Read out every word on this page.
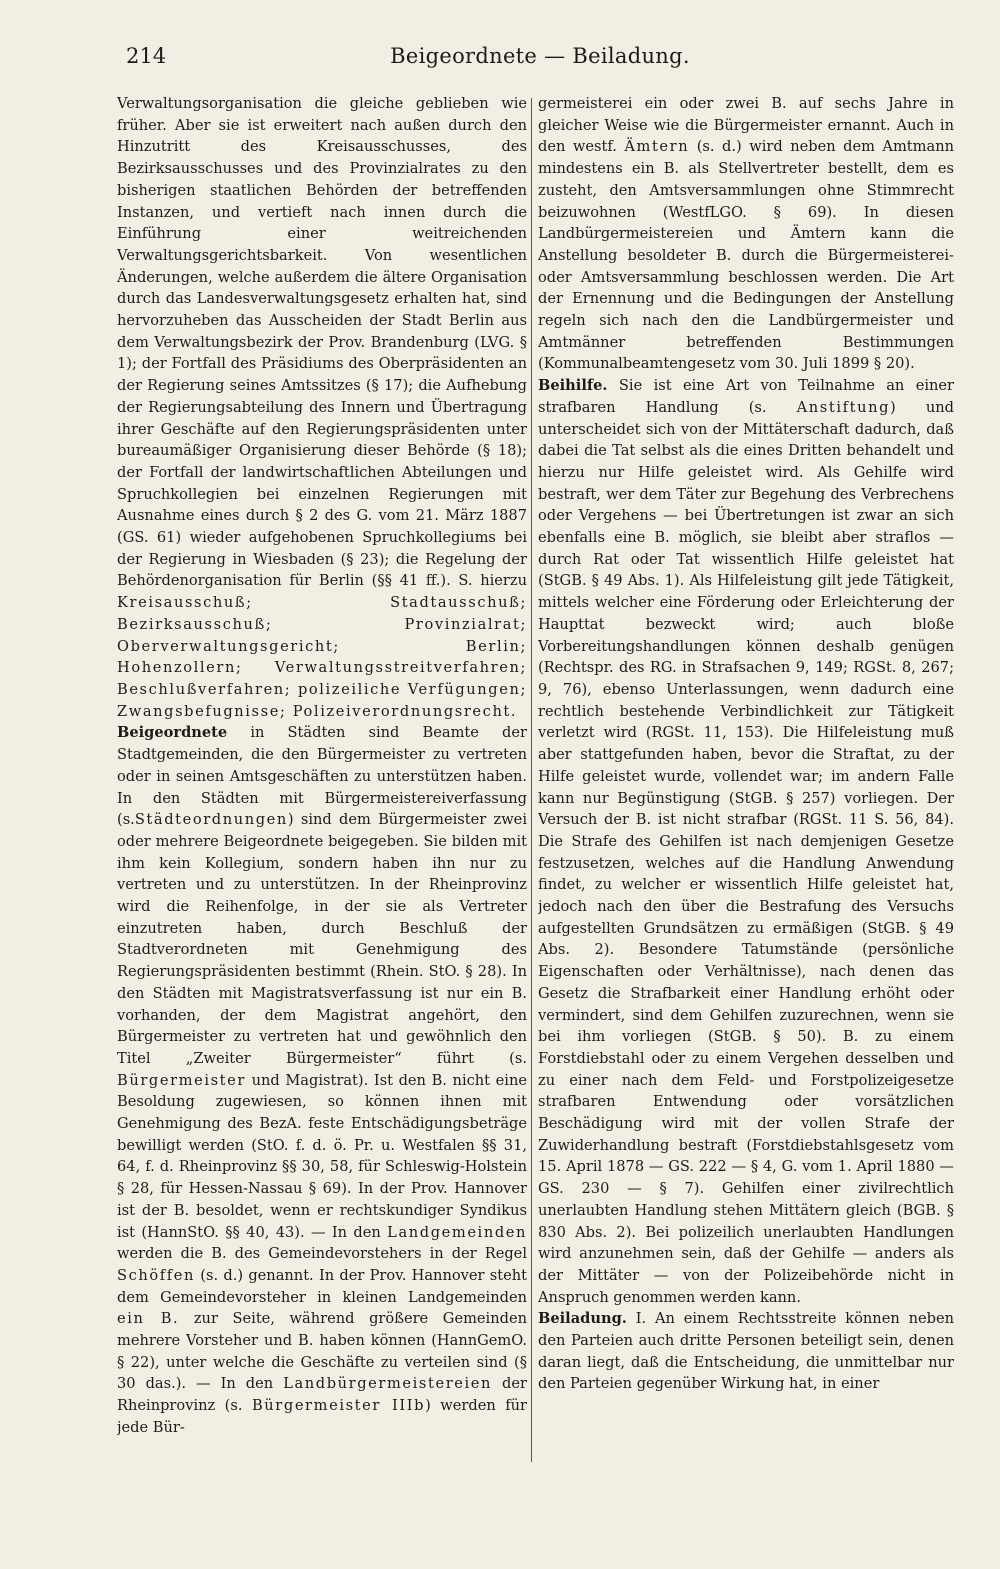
214	Beigeordnete — Beiladung.

Verwaltungsorganisation die gleiche geblieben wie früher. Aber sie ist erweitert nach außen durch den Hinzutritt des Kreisausschusses, des Bezirksausschusses und des Provinzialrates zu den bisherigen staatlichen Behörden der betreffenden Instanzen, und vertieft nach innen durch die Einführung einer weitreichenden Verwaltungsgerichtsbarkeit. Von wesentlichen Änderungen, welche außerdem die ältere Organisation durch das Landesverwaltungsgesetz erhalten hat, sind hervorzuheben das Ausscheiden der Stadt Berlin aus dem Verwaltungsbezirk der Prov. Brandenburg (LVG. § 1); der Fortfall des Präsidiums des Oberpräsidenten an der Regierung seines Amtssitzes (§ 17); die Aufhebung der Regierungsabteilung des Innern und Übertragung ihrer Geschäfte auf den Regierungspräsidenten unter bureaumäßiger Organisierung dieser Behörde (§ 18); der Fortfall der landwirtschaftlichen Abteilungen und Spruchkollegien bei einzelnen Regierungen mit Ausnahme eines durch § 2 des G. vom 21. März 1887 (GS. 61) wieder aufgehobenen Spruchkollegiums bei der Regierung in Wiesbaden (§ 23); die Regelung der Behördenorganisation für Berlin (§§ 41 ff.). S. hierzu Kreisausschuß; Stadtausschuß; Bezirksausschuß; Provinzialrat; Oberverwaltungsgericht; Berlin; Hohenzollern; Verwaltungsstreitverfahren; Beschlußverfahren; polizeiliche Verfügungen; Zwangsbefugnisse; Polizeiverordnungsrecht.

Beigeordnete in Städten sind Beamte der Stadtgemeinden, die den Bürgermeister zu vertreten oder in seinen Amtsgeschäften zu unterstützen haben. In den Städten mit Bürgermeistereiverfassung (s.Städteordnungen) sind dem Bürgermeister zwei oder mehrere Beigeordnete beigegeben. Sie bilden mit ihm kein Kollegium, sondern haben ihn nur zu vertreten und zu unterstützen. In der Rheinprovinz wird die Reihenfolge, in der sie als Vertreter einzutreten haben, durch Beschluß der Stadtverordneten mit Genehmigung des Regierungspräsidenten bestimmt (Rhein. StO. § 28). In den Städten mit Magistratsverfassung ist nur ein B. vorhanden, der dem Magistrat angehört, den Bürgermeister zu vertreten hat und gewöhnlich den Titel „Zweiter Bürgermeister“ führt (s. Bürgermeister und Magistrat). Ist den B. nicht eine Besoldung zugewiesen, so können ihnen mit Genehmigung des BezA. feste Entschädigungsbeträge bewilligt werden (StO. f. d. ö. Pr. u. Westfalen §§ 31, 64, f. d. Rheinprovinz §§ 30, 58, für Schleswig-Holstein § 28, für Hessen-Nassau § 69). In der Prov. Hannover ist der B. besoldet, wenn er rechtskundiger Syndikus ist (HannStO. §§ 40, 43). — In den Landgemeinden werden die B. des Gemeindevorstehers in der Regel Schöffen (s. d.) genannt. In der Prov. Hannover steht dem Gemeindevorsteher in kleinen Landgemeinden ein B. zur Seite, während größere Gemeinden mehrere Vorsteher und B. haben können (HannGemO. § 22), unter welche die Geschäfte zu verteilen sind (§ 30 das.). — In den Landbürgermeistereien der Rheinprovinz (s. Bürgermeister IIIb) werden für jede Bür-

germeisterei ein oder zwei B. auf sechs Jahre in gleicher Weise wie die Bürgermeister ernannt. Auch in den westf. Ämtern (s. d.) wird neben dem Amtmann mindestens ein B. als Stellvertreter bestellt, dem es zusteht, den Amtsversammlungen ohne Stimmrecht beizuwohnen (WestfLGO. § 69). In diesen Landbürgermeistereien und Ämtern kann die Anstellung besoldeter B. durch die Bürgermeisterei- oder Amtsversammlung beschlossen werden. Die Art der Ernennung und die Bedingungen der Anstellung regeln sich nach den die Landbürgermeister und Amtmänner betreffenden Bestimmungen (Kommunalbeamtengesetz vom 30. Juli 1899 § 20).

Beihilfe. Sie ist eine Art von Teilnahme an einer strafbaren Handlung (s. Anstiftung) und unterscheidet sich von der Mittäterschaft dadurch, daß dabei die Tat selbst als die eines Dritten behandelt und hierzu nur Hilfe geleistet wird. Als Gehilfe wird bestraft, wer dem Täter zur Begehung des Verbrechens oder Vergehens — bei Übertretungen ist zwar an sich ebenfalls eine B. möglich, sie bleibt aber straflos — durch Rat oder Tat wissentlich Hilfe geleistet hat (StGB. § 49 Abs. 1). Als Hilfeleistung gilt jede Tätigkeit, mittels welcher eine Förderung oder Erleichterung der Haupttat bezweckt wird; auch bloße Vorbereitungshandlungen können deshalb genügen (Rechtspr. des RG. in Strafsachen 9, 149; RGSt. 8, 267; 9, 76), ebenso Unterlassungen, wenn dadurch eine rechtlich bestehende Verbindlichkeit zur Tätigkeit verletzt wird (RGSt. 11, 153). Die Hilfeleistung muß aber stattgefunden haben, bevor die Straftat, zu der Hilfe geleistet wurde, vollendet war; im andern Falle kann nur Begünstigung (StGB. § 257) vorliegen. Der Versuch der B. ist nicht strafbar (RGSt. 11 S. 56, 84). Die Strafe des Gehilfen ist nach demjenigen Gesetze festzusetzen, welches auf die Handlung Anwendung findet, zu welcher er wissentlich Hilfe geleistet hat, jedoch nach den über die Bestrafung des Versuchs aufgestellten Grundsätzen zu ermäßigen (StGB. § 49 Abs. 2). Besondere Tatumstände (persönliche Eigenschaften oder Verhältnisse), nach denen das Gesetz die Strafbarkeit einer Handlung erhöht oder vermindert, sind dem Gehilfen zuzurechnen, wenn sie bei ihm vorliegen (StGB. § 50). B. zu einem Forstdiebstahl oder zu einem Vergehen desselben und zu einer nach dem Feld- und Forstpolizeigesetze strafbaren Entwendung oder vorsätzlichen Beschädigung wird mit der vollen Strafe der Zuwiderhandlung bestraft (Forstdiebstahlsgesetz vom 15. April 1878 — GS. 222 — § 4, G. vom 1. April 1880 — GS. 230 — § 7). Gehilfen einer zivilrechtlich unerlaubten Handlung stehen Mittätern gleich (BGB. § 830 Abs. 2). Bei polizeilich unerlaubten Handlungen wird anzunehmen sein, daß der Gehilfe — anders als der Mittäter — von der Polizeibehörde nicht in Anspruch genommen werden kann.

Beiladung. I. An einem Rechtsstreite können neben den Parteien auch dritte Personen beteiligt sein, denen daran liegt, daß die Entscheidung, die unmittelbar nur den Parteien gegenüber Wirkung hat, in einer
